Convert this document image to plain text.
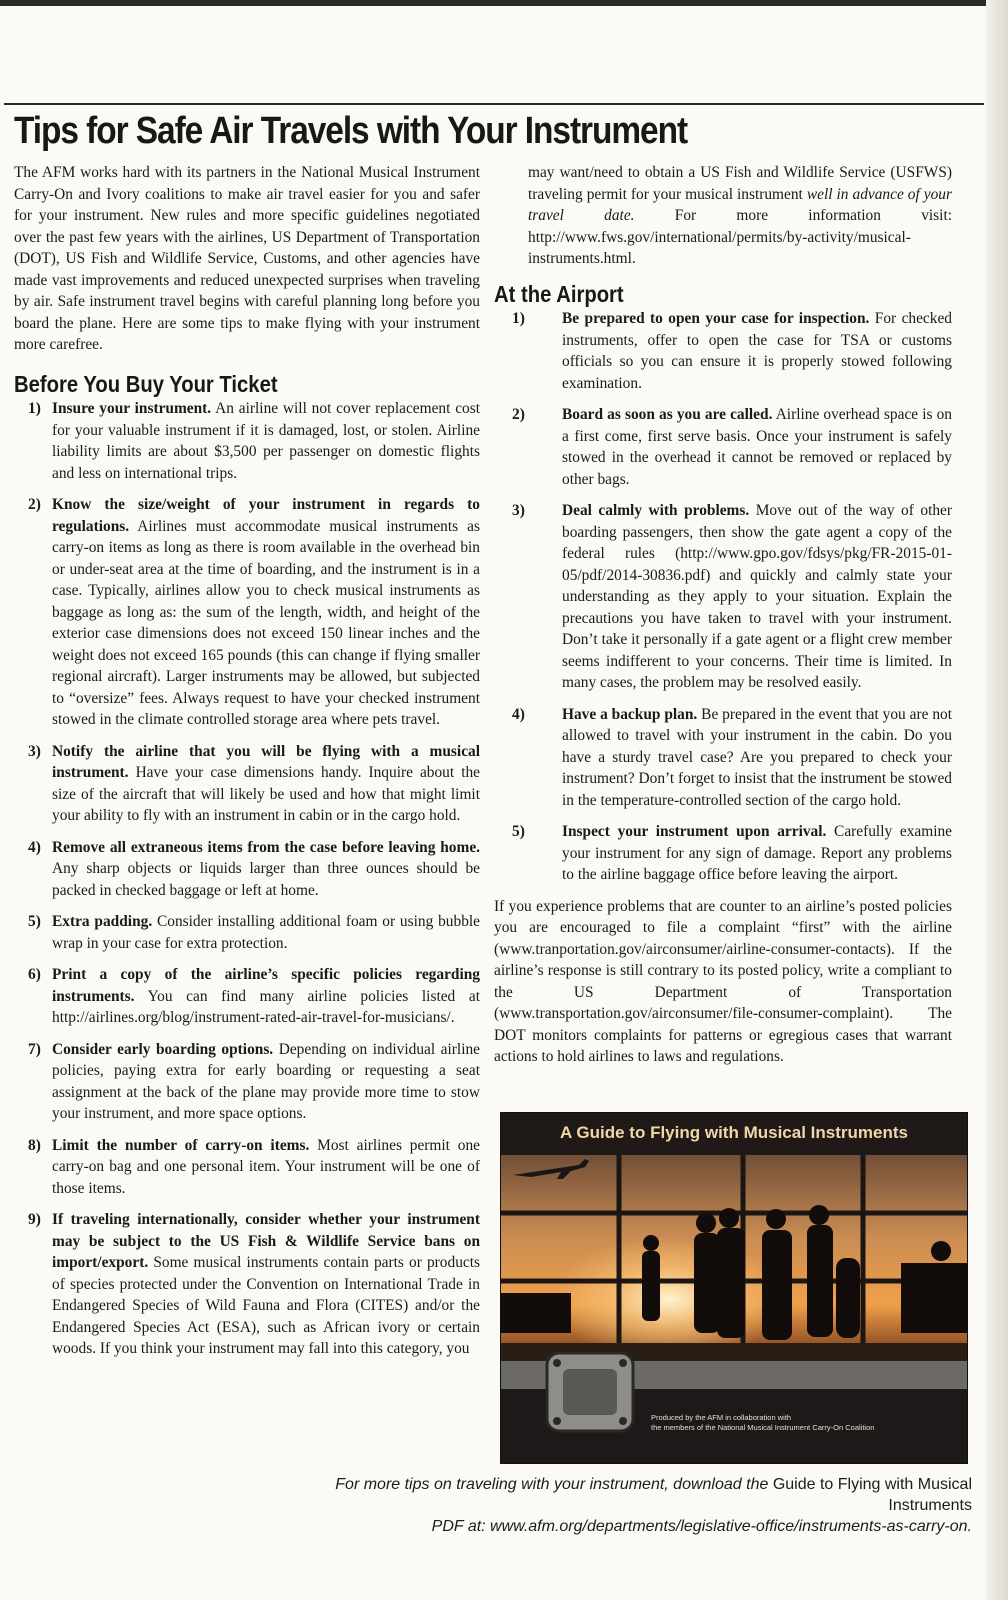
Tips for Safe Air Travels with Your Instrument

The AFM works hard with its partners in the National Musical Instrument Carry-On and Ivory coalitions to make air travel easier for you and safer for your instrument. New rules and more specific guidelines negotiated over the past few years with the airlines, US Department of Transportation (DOT), US Fish and Wildlife Service, Customs, and other agencies have made vast improvements and reduced unexpected surprises when traveling by air. Safe instrument travel begins with careful planning long before you board the plane. Here are some tips to make flying with your instrument more carefree.

Before You Buy Your Ticket
1) Insure your instrument. An airline will not cover replacement cost for your valuable instrument if it is damaged, lost, or stolen. Airline liability limits are about $3,500 per passenger on domestic flights and less on international trips.
2) Know the size/weight of your instrument in regards to regulations. Airlines must accommodate musical instruments as carry-on items as long as there is room available in the overhead bin or under-seat area at the time of boarding, and the instrument is in a case. Typically, airlines allow you to check musical instruments as baggage as long as: the sum of the length, width, and height of the exterior case dimensions does not exceed 150 linear inches and the weight does not exceed 165 pounds (this can change if flying smaller regional aircraft). Larger instruments may be allowed, but subjected to “oversize” fees. Always request to have your checked instrument stowed in the climate controlled storage area where pets travel.
3) Notify the airline that you will be flying with a musical instrument. Have your case dimensions handy. Inquire about the size of the aircraft that will likely be used and how that might limit your ability to fly with an instrument in cabin or in the cargo hold.
4) Remove all extraneous items from the case before leaving home. Any sharp objects or liquids larger than three ounces should be packed in checked baggage or left at home.
5) Extra padding. Consider installing additional foam or using bubble wrap in your case for extra protection.
6) Print a copy of the airline’s specific policies regarding instruments. You can find many airline policies listed at http://airlines.org/blog/instrument-rated-air-travel-for-musicians/.
7) Consider early boarding options. Depending on individual airline policies, paying extra for early boarding or requesting a seat assignment at the back of the plane may provide more time to stow your instrument, and more space options.
8) Limit the number of carry-on items. Most airlines permit one carry-on bag and one personal item. Your instrument will be one of those items.
9) If traveling internationally, consider whether your instrument may be subject to the US Fish & Wildlife Service bans on import/export. Some musical instruments contain parts or products of species protected under the Convention on International Trade in Endangered Species of Wild Fauna and Flora (CITES) and/or the Endangered Species Act (ESA), such as African ivory or certain woods. If you think your instrument may fall into this category, you

may want/need to obtain a US Fish and Wildlife Service (USFWS) traveling permit for your musical instrument well in advance of your travel date. For more information visit: http://www.fws.gov/international/permits/by-activity/musical-instruments.html.

At the Airport
1) Be prepared to open your case for inspection. For checked instruments, offer to open the case for TSA or customs officials so you can ensure it is properly stowed following examination.
2) Board as soon as you are called. Airline overhead space is on a first come, first serve basis. Once your instrument is safely stowed in the overhead it cannot be removed or replaced by other bags.
3) Deal calmly with problems. Move out of the way of other boarding passengers, then show the gate agent a copy of the federal rules (http://www.gpo.gov/fdsys/pkg/FR-2015-01-05/pdf/2014-30836.pdf) and quickly and calmly state your understanding as they apply to your situation. Explain the precautions you have taken to travel with your instrument. Don’t take it personally if a gate agent or a flight crew member seems indifferent to your concerns. Their time is limited. In many cases, the problem may be resolved easily.
4) Have a backup plan. Be prepared in the event that you are not allowed to travel with your instrument in the cabin. Do you have a sturdy travel case? Are you prepared to check your instrument? Don’t forget to insist that the instrument be stowed in the temperature-controlled section of the cargo hold.
5) Inspect your instrument upon arrival. Carefully examine your instrument for any sign of damage. Report any problems to the airline baggage office before leaving the airport.

If you experience problems that are counter to an airline’s posted policies you are encouraged to file a complaint “first” with the airline (www.tranportation.gov/airconsumer/airline-consumer-contacts). If the airline’s response is still contrary to its posted policy, write a compliant to the US Department of Transportation (www.transportation.gov/airconsumer/file-consumer-complaint). The DOT monitors complaints for patterns or egregious cases that warrant actions to hold airlines to laws and regulations.

A Guide to Flying with Musical Instruments
Produced by the AFM in collaboration with
the members of the National Musical Instrument Carry-On Coalition
For more tips on traveling with your instrument, download the Guide to Flying with Musical Instruments
PDF at: www.afm.org/departments/legislative-office/instruments-as-carry-on.
